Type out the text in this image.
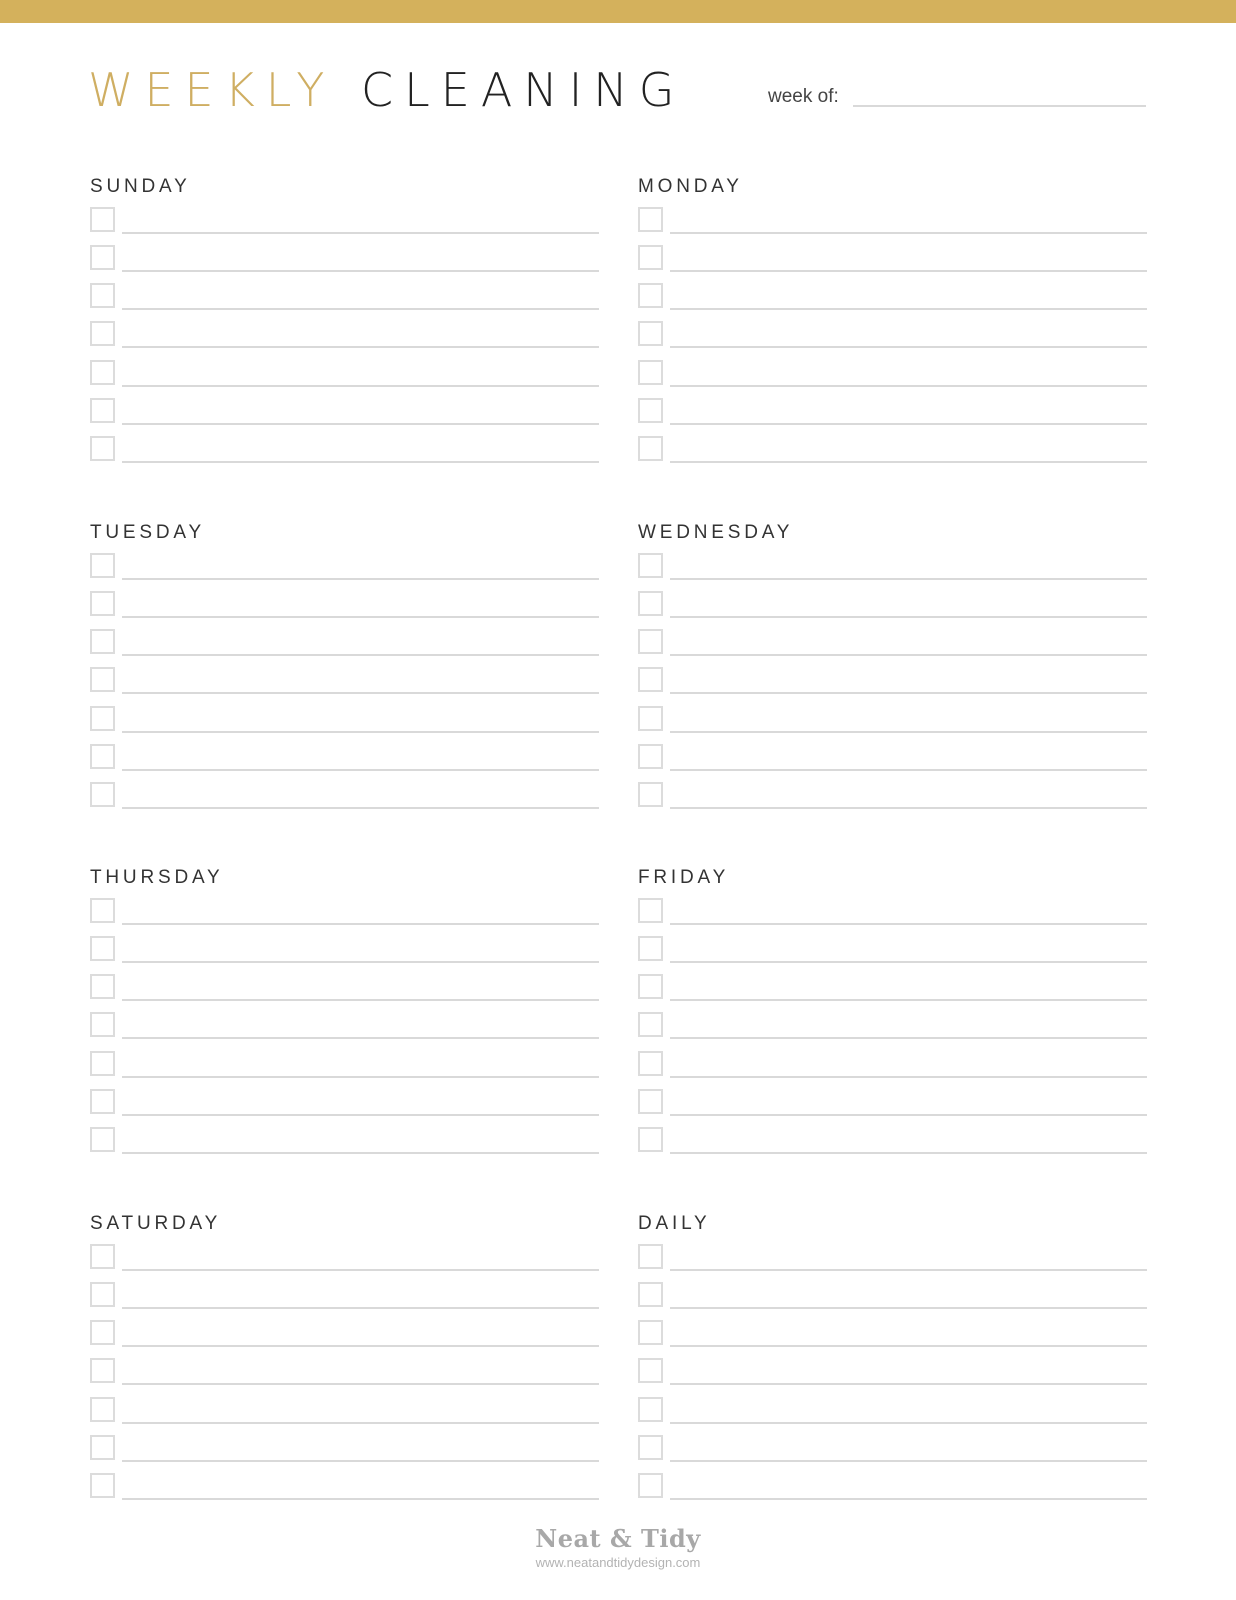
WEEKLY CLEANING	week of:
SUNDAY	MONDAY
TUESDAY	WEDNESDAY
THURSDAY	FRIDAY
SATURDAY	DAILY
Neat & Tidy
www.neatandtidydesign.com
